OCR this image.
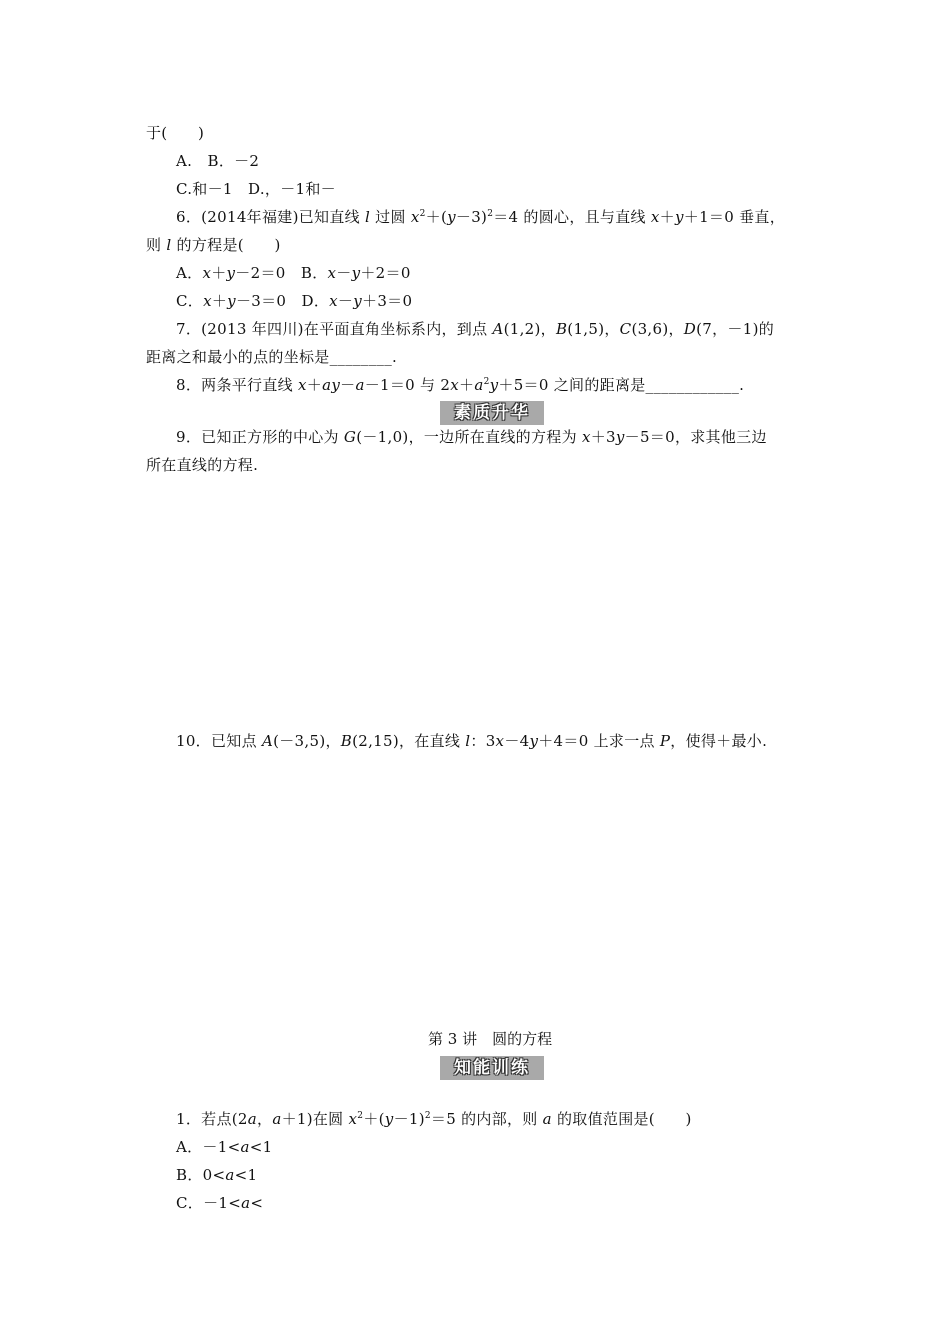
于(　　)
A.　B．－2
C.和－1　D.，－1和－
6．(2014年福建)已知直线 l 过圆 $x^2+(y-3)^2=4$ 的圆心，且与直线 x＋y＋1＝0 垂直，
则 l 的方程是(　　)
A．x＋y－2＝0　B．x－y＋2＝0
C．x＋y－3＝0　D．x－y＋3＝0
7．(2013 年四川)在平面直角坐标系内，到点 A(1,2)，B(1,5)，C(3,6)，D(7，－1)的
距离之和最小的点的坐标是________.
8．两条平行直线 x＋ay－a－1＝0 与 $2x+a^2y+5=0$ 之间的距离是____________.
素质升华
9．已知正方形的中心为 G(－1,0)，一边所在直线的方程为 x＋3y－5＝0，求其他三边
所在直线的方程.
10．已知点 A(－3,5)，B(2,15)，在直线 l：3x－4y＋4＝0 上求一点 P，使得＋最小.
第 3 讲　圆的方程
知能训练
1．若点(2a，a＋1)在圆 $x^2+(y-1)^2=5$ 的内部，则 a 的取值范围是(　　)
A．－1<a<1
B．0<a<1
C．－1<a<
